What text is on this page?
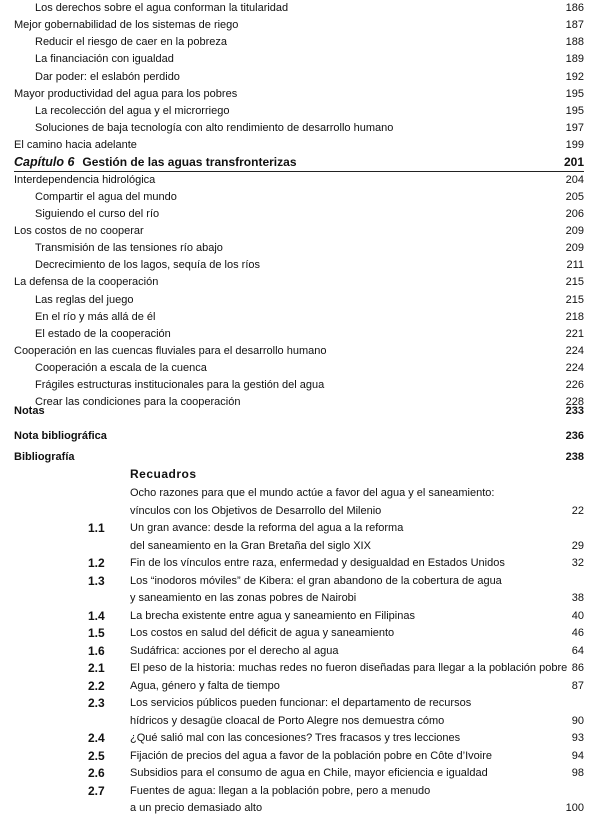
Los derechos sobre el agua conforman la titularidad	186
Mejor gobernabilidad de los sistemas de riego	187
Reducir el riesgo de caer en la pobreza	188
La financiación con igualdad	189
Dar poder: el eslabón perdido	192
Mayor productividad del agua para los pobres	195
La recolección del agua y el microrriego	195
Soluciones de baja tecnología con alto rendimiento de desarrollo humano	197
El camino hacia adelante	199
Capítulo 6 Gestión de las aguas transfronterizas	201
Interdependencia hidrológica	204
Compartir el agua del mundo	205
Siguiendo el curso del río	206
Los costos de no cooperar	209
Transmisión de las tensiones río abajo	209
Decrecimiento de los lagos, sequía de los ríos	211
La defensa de la cooperación	215
Las reglas del juego	215
En el río y más allá de él	218
El estado de la cooperación	221
Cooperación en las cuencas fluviales para el desarrollo humano	224
Cooperación a escala de la cuenca	224
Frágiles estructuras institucionales para la gestión del agua	226
Crear las condiciones para la cooperación	228
Notas	233
Nota bibliográfica	236
Bibliografía	238
Recuadros
Ocho razones para que el mundo actúe a favor del agua y el saneamiento:
vínculos con los Objetivos de Desarrollo del Milenio	22
1.1	Un gran avance: desde la reforma del agua a la reforma
del saneamiento en la Gran Bretaña del siglo XIX	29
1.2	Fin de los vínculos entre raza, enfermedad y desigualdad en Estados Unidos	32
1.3	Los “inodoros móviles” de Kibera: el gran abandono de la cobertura de agua
y saneamiento en las zonas pobres de Nairobi	38
1.4	La brecha existente entre agua y saneamiento en Filipinas	40
1.5	Los costos en salud del déficit de agua y saneamiento	46
1.6	Sudáfrica: acciones por el derecho al agua	64
2.1	El peso de la historia: muchas redes no fueron diseñadas para llegar a la población pobre 86
2.2	Agua, género y falta de tiempo	87
2.3	Los servicios públicos pueden funcionar: el departamento de recursos
hídricos y desagüe cloacal de Porto Alegre nos demuestra cómo	90
2.4	¿Qué salió mal con las concesiones? Tres fracasos y tres lecciones	93
2.5	Fijación de precios del agua a favor de la población pobre en Côte d’Ivoire	94
2.6	Subsidios para el consumo de agua en Chile, mayor eficiencia e igualdad	98
2.7	Fuentes de agua: llegan a la población pobre, pero a menudo
a un precio demasiado alto	100
